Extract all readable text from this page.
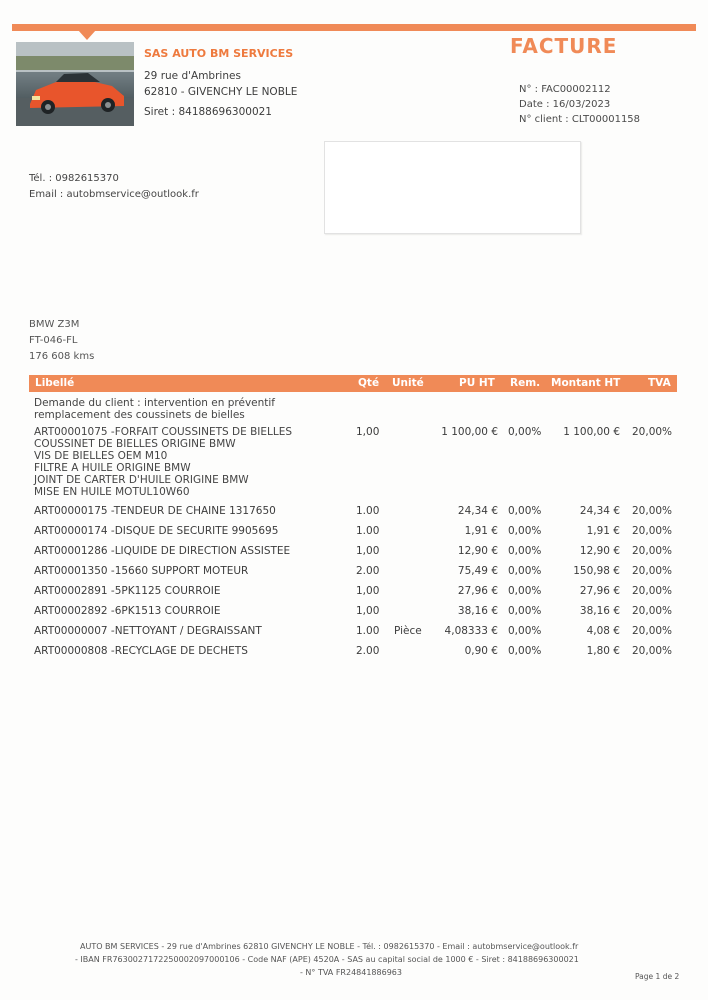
SAS AUTO BM SERVICES
29 rue d'Ambrines
62810 - GIVENCHY LE NOBLE
Siret : 84188696300021
FACTURE
N° : FAC00002112
Date : 16/03/2023
N° client : CLT00001158
Tél. : 0982615370
Email : autobmservice@outlook.fr
BMW Z3M
FT-046-FL
176 608 kms
Libellé	Qté Unité	PU HT Rem. Montant HT	TVA
Demande du client : intervention en préventif
remplacement des coussinets de bielles
ART00001075 -FORFAIT COUSSINETS DE BIELLES
COUSSINET DE BIELLES ORIGINE BMW
VIS DE BIELLES OEM M10
FILTRE A HUILE ORIGINE BMW
JOINT DE CARTER D'HUILE ORIGINE BMW
MISE EN HUILE MOTUL10W60
1,00	1 100,00 € 0,00% 1 100,00 € 20,00%
ART00000175 -TENDEUR DE CHAINE 1317650	1.00	24,34 € 0,00%	24,34 € 20,00%
ART00000174 -DISQUE DE SECURITE 9905695	1.00	1,91 € 0,00%	1,91 € 20,00%
ART00001286 -LIQUIDE DE DIRECTION ASSISTEE	1,00	12,90 € 0,00%	12,90 € 20,00%
ART00001350 -15660 SUPPORT MOTEUR	2.00	75,49 € 0,00%	150,98 € 20,00%
ART00002891 -5PK1125 COURROIE	1,00	27,96 € 0,00%	27,96 € 20,00%
ART00002892 -6PK1513 COURROIE	1,00	38,16 € 0,00%	38,16 € 20,00%
ART00000007 -NETTOYANT / DEGRAISSANT	1.00 Pièce 4,08333 € 0,00%	4,08 € 20,00%
ART00000808 -RECYCLAGE DE DECHETS	2.00	0,90 € 0,00%	1,80 € 20,00%
AUTO BM SERVICES - 29 rue d'Ambrines 62810 GIVENCHY LE NOBLE - Tél. : 0982615370 - Email : autobmservice@outlook.fr
- IBAN FR7630027172250002097000106 - Code NAF (APE) 4520A - SAS au capital social de 1000 € - Siret : 84188696300021
- N° TVA FR24841886963	Page 1 de 2
